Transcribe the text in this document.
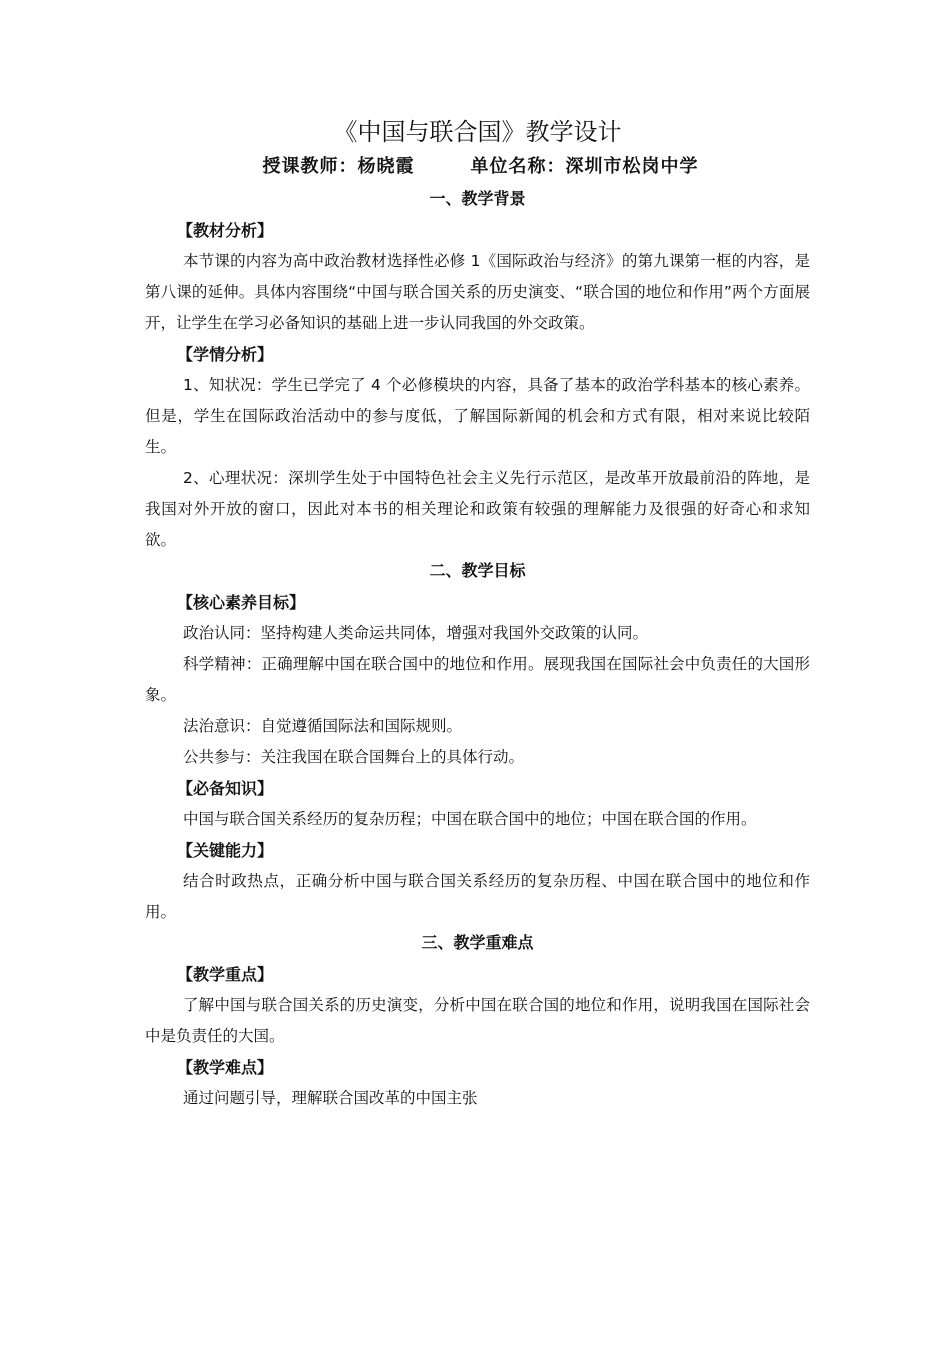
《中国与联合国》教学设计
授课教师：杨晓霞	单位名称：深圳市松岗中学
一、教学背景
【教材分析】

本节课的内容为高中政治教材选择性必修 1《国际政治与经济》的第九课第一框的内容，是第八课的延伸。具体内容围绕“中国与联合国关系的历史演变、“联合国的地位和作用”两个方面展开，让学生在学习必备知识的基础上进一步认同我国的外交政策。

【学情分析】

1、知状况：学生已学完了 4 个必修模块的内容，具备了基本的政治学科基本的核心素养。但是，学生在国际政治活动中的参与度低，了解国际新闻的机会和方式有限，相对来说比较陌生。

2、心理状况：深圳学生处于中国特色社会主义先行示范区，是改革开放最前沿的阵地，是我国对外开放的窗口，因此对本书的相关理论和政策有较强的理解能力及很强的好奇心和求知欲。

二、教学目标
【核心素养目标】

政治认同：坚持构建人类命运共同体，增强对我国外交政策的认同。

科学精神：正确理解中国在联合国中的地位和作用。展现我国在国际社会中负责任的大国形象。

法治意识：自觉遵循国际法和国际规则。

公共参与：关注我国在联合国舞台上的具体行动。

【必备知识】

中国与联合国关系经历的复杂历程；中国在联合国中的地位；中国在联合国的作用。

【关键能力】

结合时政热点，正确分析中国与联合国关系经历的复杂历程、中国在联合国中的地位和作用。

三、教学重难点
【教学重点】

了解中国与联合国关系的历史演变，分析中国在联合国的地位和作用，说明我国在国际社会中是负责任的大国。

【教学难点】

通过问题引导，理解联合国改革的中国主张
